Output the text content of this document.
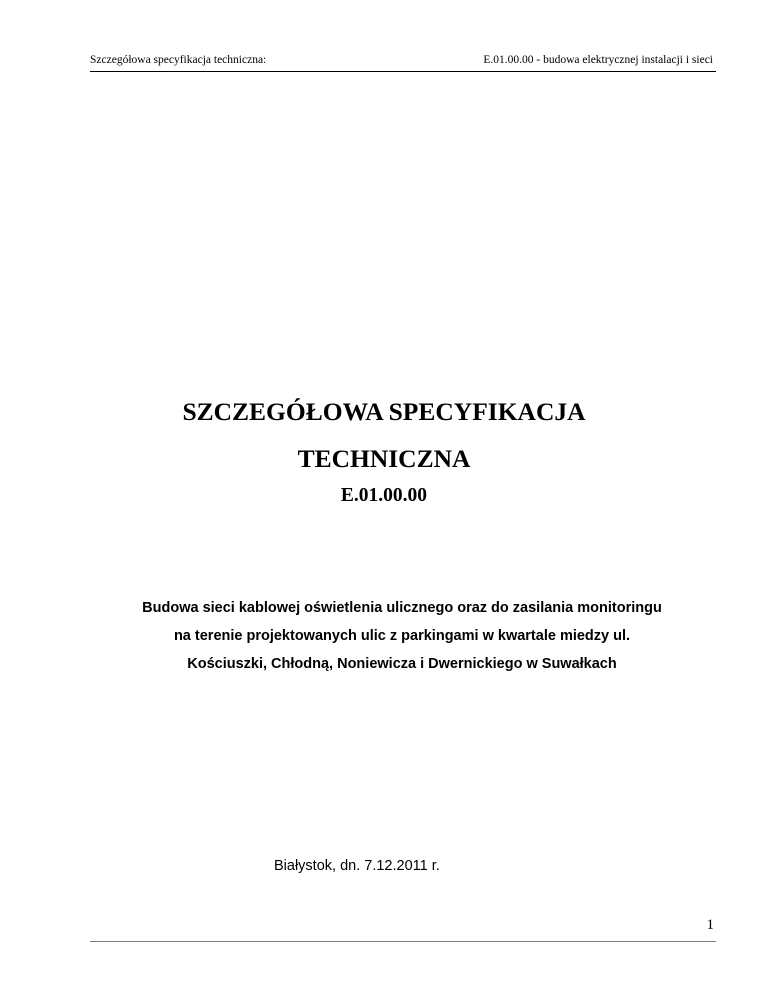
Szczegółowa specyfikacja techniczna:	E.01.00.00 - budowa elektrycznej instalacji i sieci
SZCZEGÓŁOWA SPECYFIKACJA
TECHNICZNA
E.01.00.00
Budowa sieci kablowej oświetlenia ulicznego oraz do zasilania monitoringu
na terenie projektowanych ulic z parkingami w kwartale miedzy ul.
Kościuszki, Chłodną, Noniewicza i Dwernickiego w Suwałkach
Białystok, dn. 7.12.2011 r.
1
